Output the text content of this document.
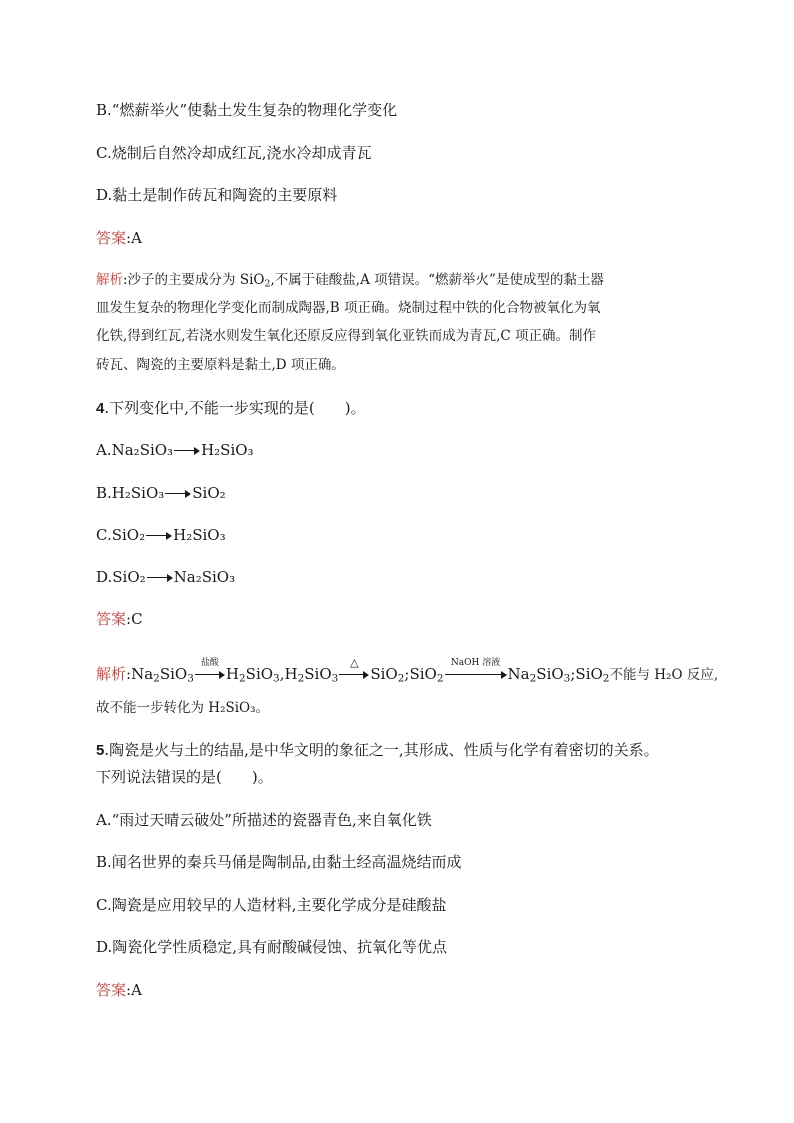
B.“燃薪举火”使黏土发生复杂的物理化学变化
C.烧制后自然冷却成红瓦,浇水冷却成青瓦
D.黏土是制作砖瓦和陶瓷的主要原料
答案:A
解析:沙子的主要成分为 SiO$_2$,不属于硅酸盐,A 项错误。“燃薪举火”是使成型的黏土器
皿发生复杂的物理化学变化而制成陶器,B 项正确。烧制过程中铁的化合物被氧化为氧
化铁,得到红瓦,若浇水则发生氧化还原反应得到氧化亚铁而成为青瓦,C 项正确。制作
砖瓦、陶瓷的主要原料是黏土,D 项正确。
4.下列变化中,不能一步实现的是(　　)。
A.Na₂SiO₃ H₂SiO₃
B.H₂SiO₃ SiO₂
C.SiO₂ H₂SiO₃
D.SiO₂ Na₂SiO₃
答案:C
解析$:Na_2SiO_3$
盐酸
$H_2SiO_3,H_2SiO_3$
△
SiO$_2$;SiO$_2$
NaOH 溶液
$Na_2SiO_3;SiO_2$不能与 H₂O 反应,
故不能一步转化为 H₂SiO₃。
5.陶瓷是火与土的结晶,是中华文明的象征之一,其形成、性质与化学有着密切的关系。
下列说法错误的是(　　)。
A.“雨过天晴云破处”所描述的瓷器青色,来自氧化铁
B.闻名世界的秦兵马俑是陶制品,由黏土经高温烧结而成
C.陶瓷是应用较早的人造材料,主要化学成分是硅酸盐
D.陶瓷化学性质稳定,具有耐酸碱侵蚀、抗氧化等优点
答案:A
